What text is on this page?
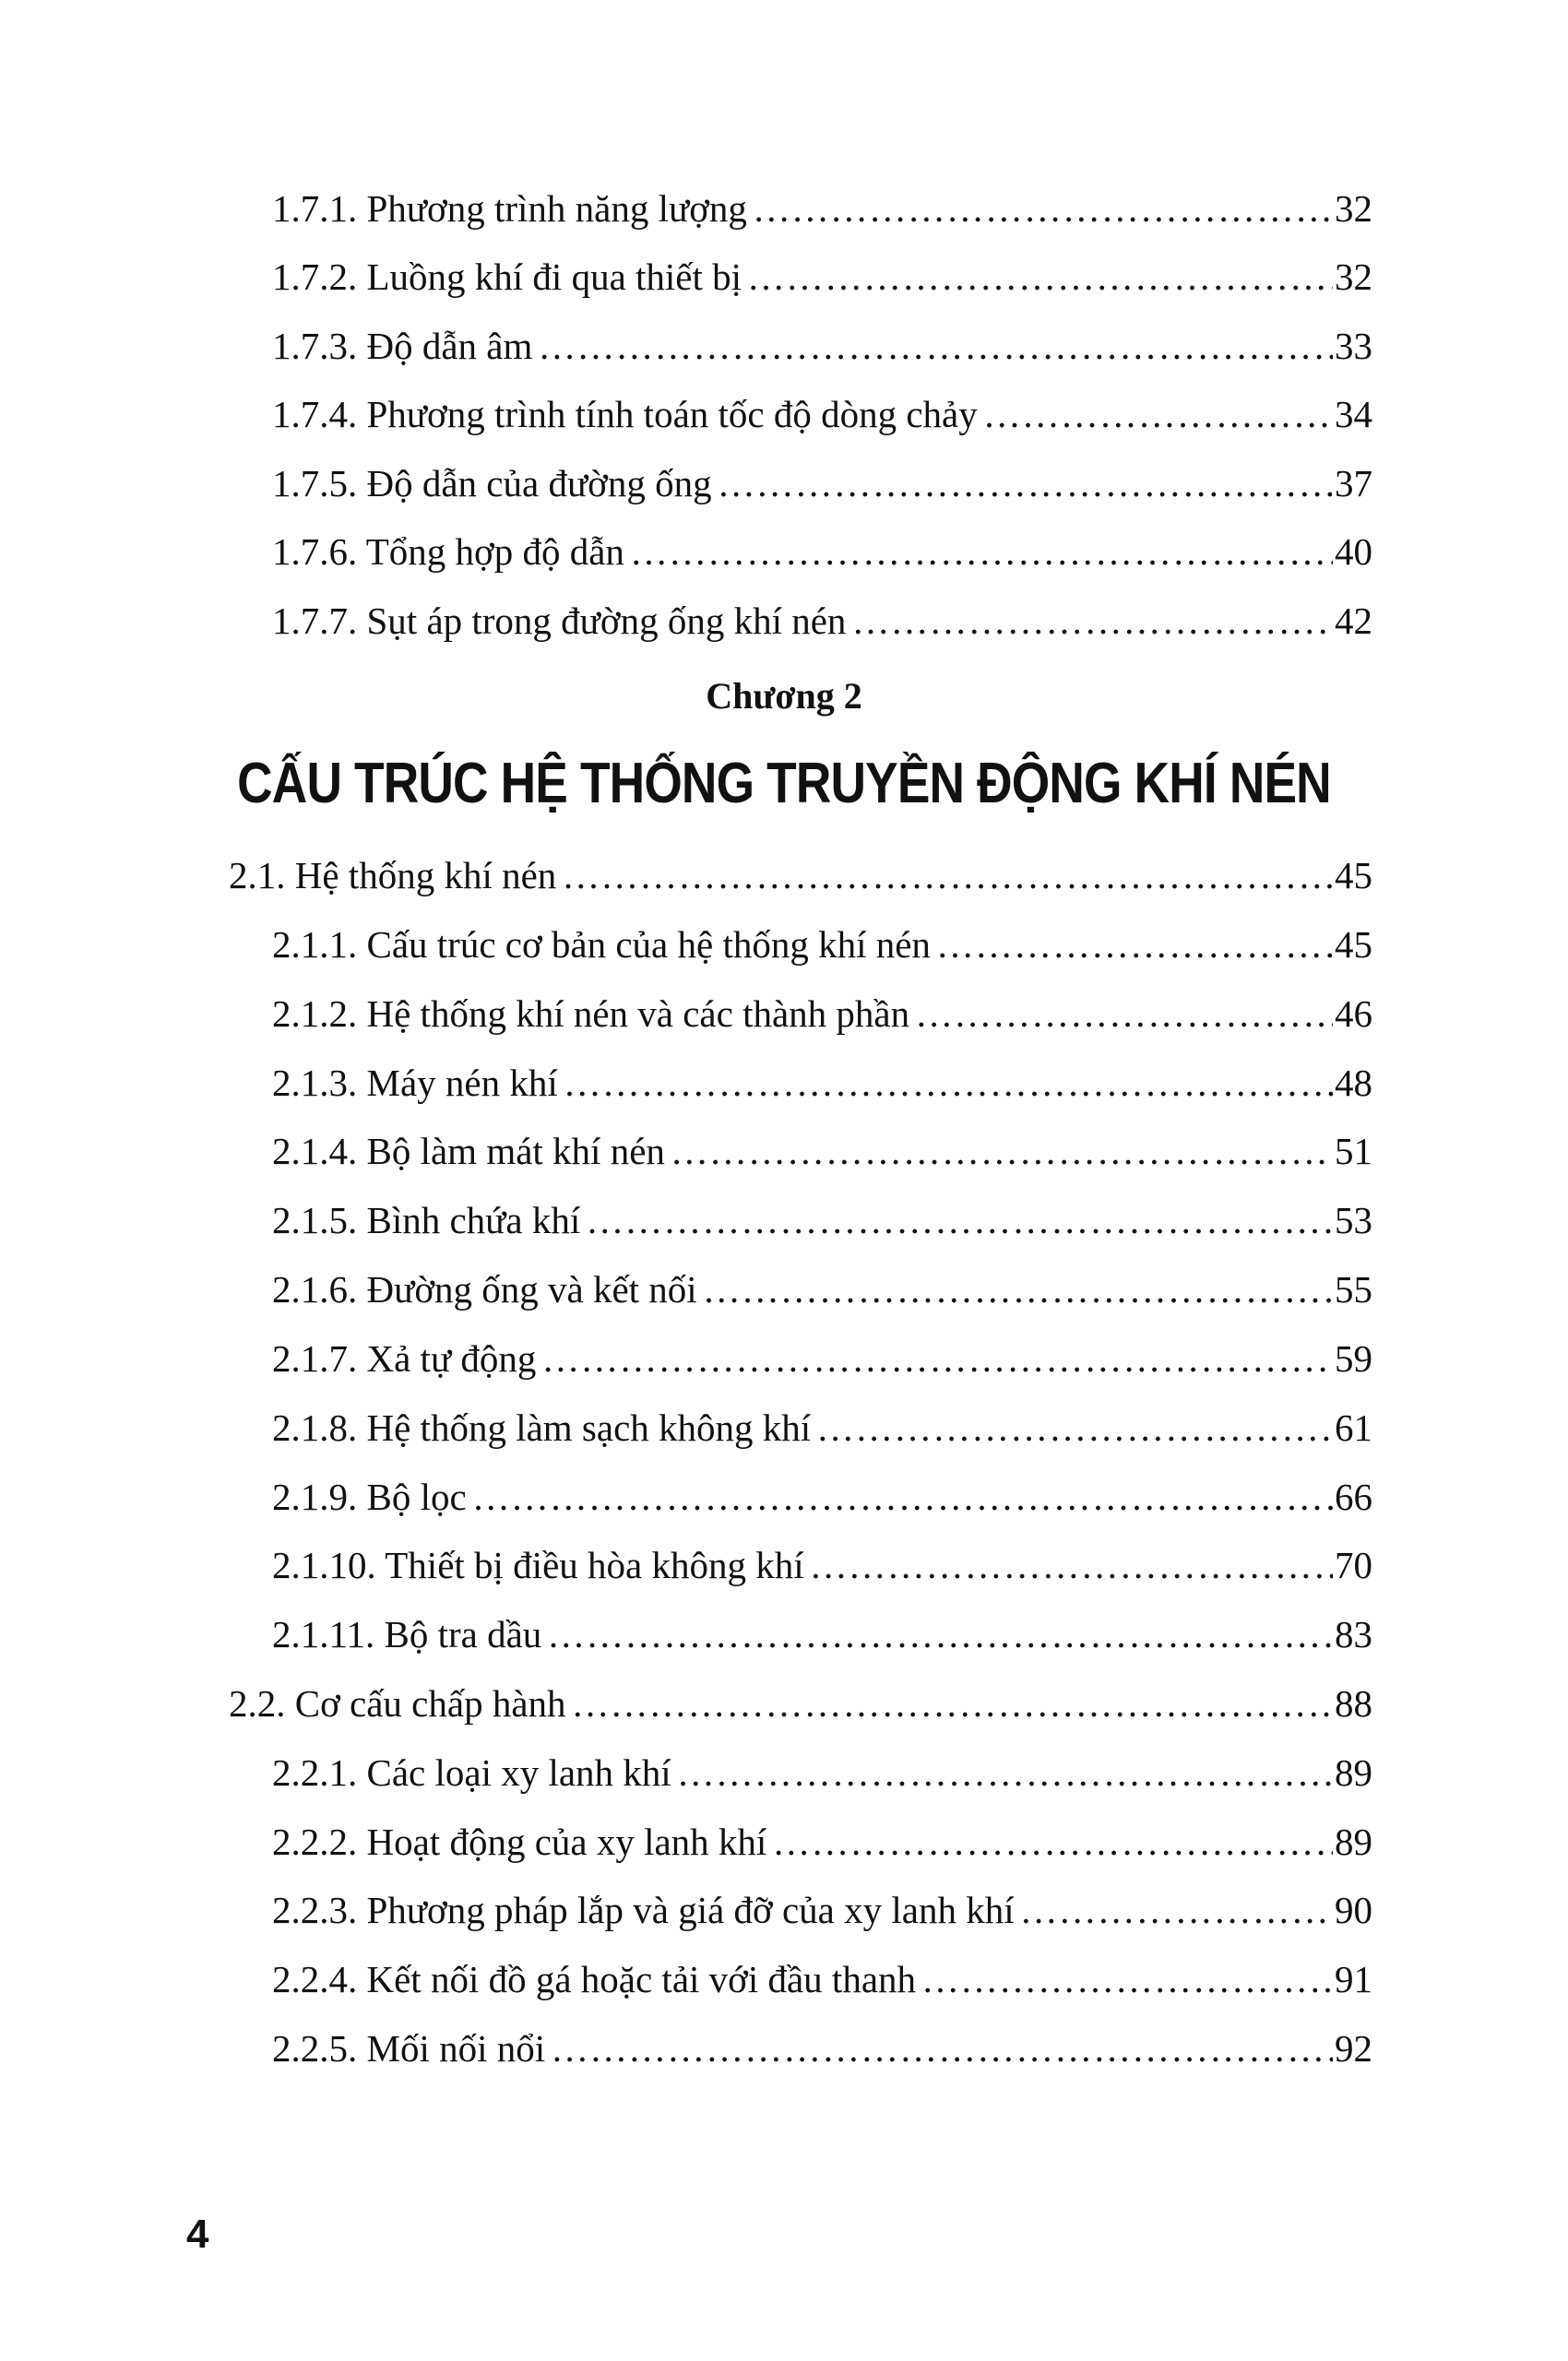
1.7.1. Phương trình năng lượng ……………………………………………………………………………………………………………………………………………………………	32
1.7.2. Luồng khí đi qua thiết bị ……………………………………………………………………………………………………………………………………………………………	32
1.7.3. Độ dẫn âm ……………………………………………………………………………………………………………………………………………………………	33
1.7.4. Phương trình tính toán tốc độ dòng chảy ……………………………………………………………………………………………………………………………………………………………	34
1.7.5. Độ dẫn của đường ống ……………………………………………………………………………………………………………………………………………………………	37
1.7.6. Tổng hợp độ dẫn ……………………………………………………………………………………………………………………………………………………………	40
1.7.7. Sụt áp trong đường ống khí nén ……………………………………………………………………………………………………………………………………………………………	42
Chương 2
CẤU TRÚC HỆ THỐNG TRUYỀN ĐỘNG KHÍ NÉN
2.1. Hệ thống khí nén ……………………………………………………………………………………………………………………………………………………………	45
2.1.1. Cấu trúc cơ bản của hệ thống khí nén ……………………………………………………………………………………………………………………………………………………………	45
2.1.2. Hệ thống khí nén và các thành phần ……………………………………………………………………………………………………………………………………………………………	46
2.1.3. Máy nén khí ……………………………………………………………………………………………………………………………………………………………	48
2.1.4. Bộ làm mát khí nén ……………………………………………………………………………………………………………………………………………………………	51
2.1.5. Bình chứa khí ……………………………………………………………………………………………………………………………………………………………	53
2.1.6. Đường ống và kết nối ……………………………………………………………………………………………………………………………………………………………	55
2.1.7. Xả tự động ……………………………………………………………………………………………………………………………………………………………	59
2.1.8. Hệ thống làm sạch không khí ……………………………………………………………………………………………………………………………………………………………	61
2.1.9. Bộ lọc ……………………………………………………………………………………………………………………………………………………………	66
2.1.10. Thiết bị điều hòa không khí ……………………………………………………………………………………………………………………………………………………………	70
2.1.11. Bộ tra dầu ……………………………………………………………………………………………………………………………………………………………	83
2.2. Cơ cấu chấp hành ……………………………………………………………………………………………………………………………………………………………	88
2.2.1. Các loại xy lanh khí ……………………………………………………………………………………………………………………………………………………………	89
2.2.2. Hoạt động của xy lanh khí ……………………………………………………………………………………………………………………………………………………………	89
2.2.3. Phương pháp lắp và giá đỡ của xy lanh khí ……………………………………………………………………………………………………………………………………………………………	90
2.2.4. Kết nối đồ gá hoặc tải với đầu thanh ……………………………………………………………………………………………………………………………………………………………	91
2.2.5. Mối nối nổi ……………………………………………………………………………………………………………………………………………………………	92
4
